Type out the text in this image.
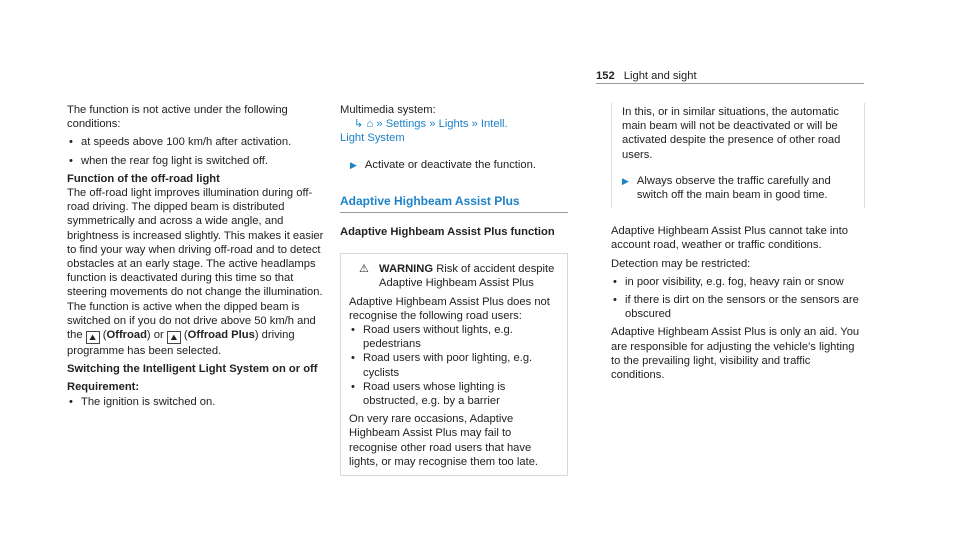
152 Light and sight

The function is not active under the following conditions:

• at speeds above 100 km/h after activation.
• when the rear fog light is switched off.

Function of the off-road light

The off-road light improves illumination during off-road driving. The dipped beam is distributed symmetrically and across a wide angle, and brightness is increased slightly. This makes it easier to find your way when driving off-road and to detect obstacles at an early stage. The active headlamps function is deactivated during this time so that steering movements do not change the illumination.

The function is active when the dipped beam is switched on if you do not drive above 50 km/h and the ⛰ (Offroad) or ⛰ (Offroad Plus) driving programme has been selected.

Switching the Intelligent Light System on or off

Requirement:

• The ignition is switched on.

Multimedia system:

↳ ⌂ » Settings » Lights » Intell.
Light System

▶ Activate or deactivate the function.

Adaptive Highbeam Assist Plus

Adaptive Highbeam Assist Plus function

⚠ WARNING Risk of accident despite Adaptive Highbeam Assist Plus

Adaptive Highbeam Assist Plus does not recognise the following road users:

• Road users without lights, e.g. pedestrians
• Road users with poor lighting, e.g. cyclists
• Road users whose lighting is obstructed, e.g. by a barrier

On very rare occasions, Adaptive Highbeam Assist Plus may fail to recognise other road users that have lights, or may recognise them too late.

In this, or in similar situations, the automatic main beam will not be deactivated or will be activated despite the presence of other road users.

▶ Always observe the traffic carefully and switch off the main beam in good time.

Adaptive Highbeam Assist Plus cannot take into account road, weather or traffic conditions.

Detection may be restricted:

• in poor visibility, e.g. fog, heavy rain or snow
• if there is dirt on the sensors or the sensors are obscured

Adaptive Highbeam Assist Plus is only an aid. You are responsible for adjusting the vehicle's lighting to the prevailing light, visibility and traffic conditions.
